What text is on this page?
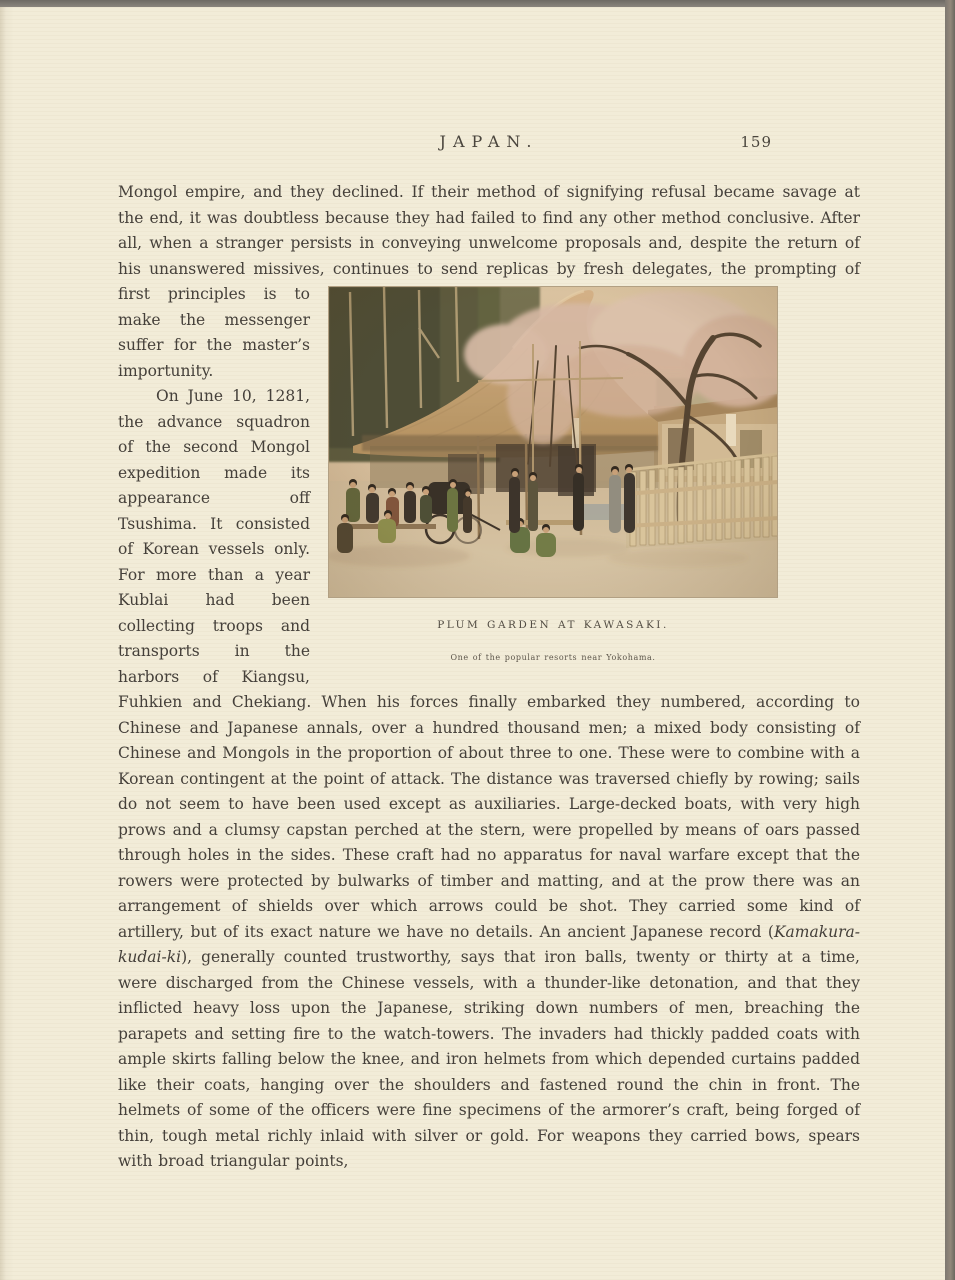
JAPAN.	159

Mongol empire, and they declined. If their method of signifying refusal became savage at the end, it was doubtless because they had failed to find any other method conclusive. After all, when a stranger persists in conveying unwelcome proposals and, despite the return of his unanswered missives, continues to send replicas by fresh delegates, the prompting of first
PLUM GARDEN AT KAWASAKI.
One of the popular resorts near Yokohama.
principles is to make the messenger suffer for the master’s importunity.

On June 10, 1281, the advance squadron of the second Mongol expedition made its appearance off Tsushima. It consisted of Korean vessels only. For more than a year Kublai had been collecting troops and transports in the harbors of Kiangsu, Fuhkien and Chekiang. When his forces finally embarked they numbered, according to Chinese and Japanese annals, over a hundred thousand men; a mixed body consisting of Chinese and Mongols in the proportion of about three to one. These were to combine with a Korean contingent at the point of attack. The distance was traversed chiefly by rowing; sails do not seem to have been used except as auxiliaries. Large-decked boats, with very high prows and a clumsy capstan perched at the stern, were propelled by means of oars passed through holes in the sides. These craft had no apparatus for naval warfare except that the rowers were protected by bulwarks of timber and matting, and at the prow there was an arrangement of shields over which arrows could be shot. They carried some kind of artillery, but of its exact nature we have no details. An ancient Japanese record (Kamakura-kudai-ki), generally counted trustworthy, says that iron balls, twenty or thirty at a time, were discharged from the Chinese vessels, with a thunder-like detonation, and that they inflicted heavy loss upon the Japanese, striking down numbers of men, breaching the parapets and setting fire to the watch-towers. The invaders had thickly padded coats with ample skirts falling below the knee, and iron helmets from which depended curtains padded like their coats, hanging over the shoulders and fastened round the chin in front. The helmets of some of the officers were fine specimens of the armorer’s craft, being forged of thin, tough metal richly inlaid with silver or gold. For weapons they carried bows, spears with broad triangular points,
